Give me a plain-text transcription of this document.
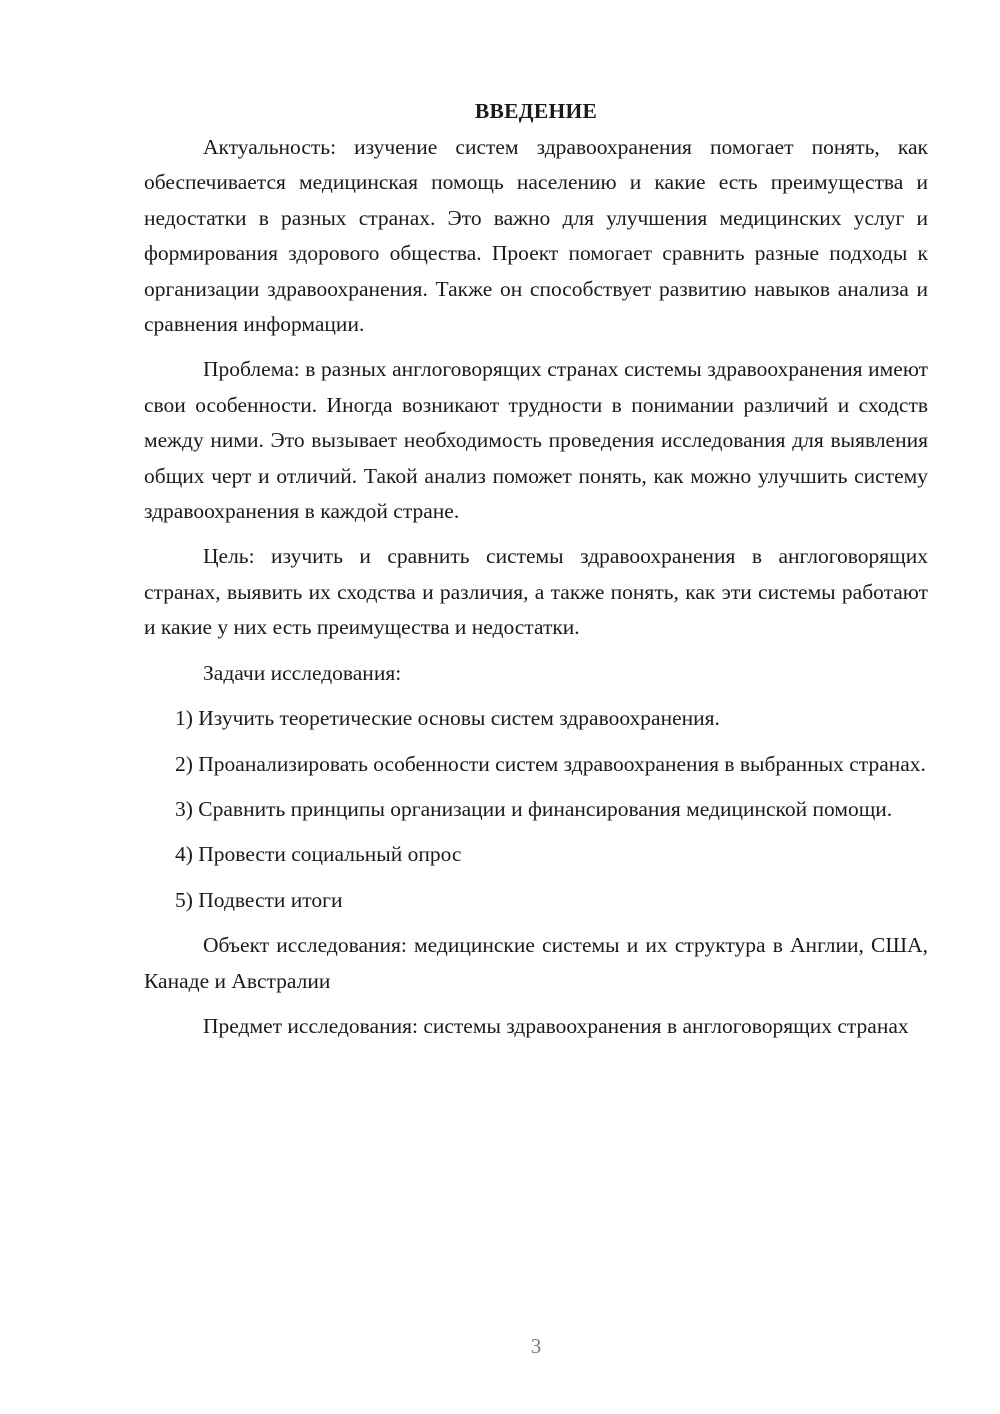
ВВЕДЕНИЕ

Актуальность: изучение систем здравоохранения помогает понять, как обеспечивается медицинская помощь населению и какие есть преимущества и недостатки в разных странах. Это важно для улучшения медицинских услуг и формирования здорового общества. Проект помогает сравнить разные подходы к организации здравоохранения. Также он способствует развитию навыков анализа и сравнения информации.

Проблема: в разных англоговорящих странах системы здравоохранения имеют свои особенности. Иногда возникают трудности в понимании различий и сходств между ними. Это вызывает необходимость проведения исследования для выявления общих черт и отличий. Такой анализ поможет понять, как можно улучшить систему здравоохранения в каждой стране.

Цель: изучить и сравнить системы здравоохранения в англоговорящих странах, выявить их сходства и различия, а также понять, как эти системы работают и какие у них есть преимущества и недостатки.

Задачи исследования:

1) Изучить теоретические основы систем здравоохранения.

2) Проанализировать особенности систем здравоохранения в выбранных странах.

3) Сравнить принципы организации и финансирования медицинской помощи.

4) Провести социальный опрос

5) Подвести итоги

Объект исследования: медицинские системы и их структура в Англии, США, Канаде и Австралии

Предмет исследования: системы здравоохранения в англоговорящих странах

3
